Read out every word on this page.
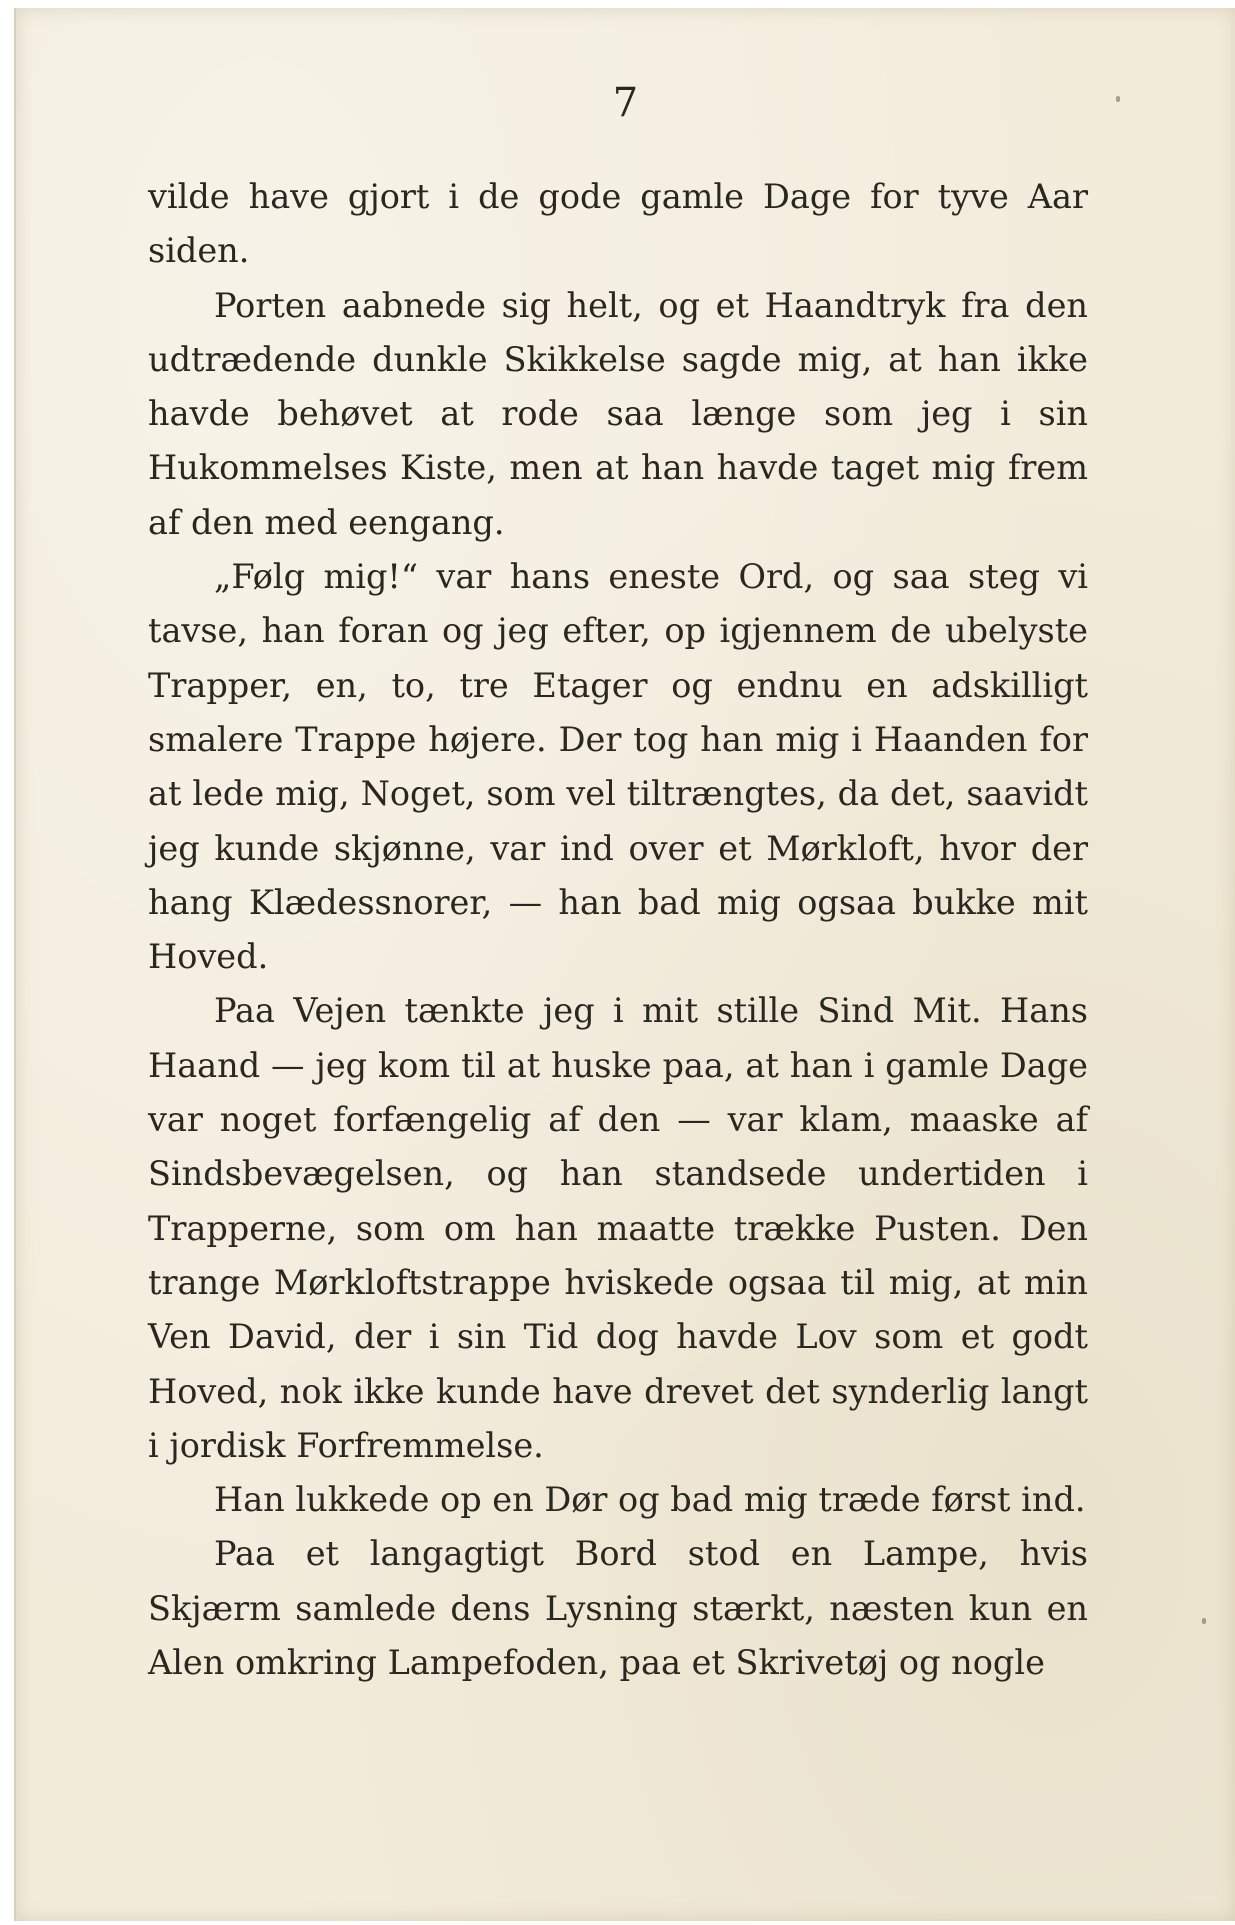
7

vilde have gjort i de gode gamle Dage for tyve Aar siden.

Porten aabnede sig helt, og et Haandtryk fra den udtrædende dunkle Skikkelse sagde mig, at han ikke havde behøvet at rode saa længe som jeg i sin Hukommelses Kiste, men at han havde taget mig frem af den med eengang.

„Følg mig!“ var hans eneste Ord, og saa steg vi tavse, han foran og jeg efter, op igjennem de ubelyste Trapper, en, to, tre Etager og endnu en adskilligt smalere Trappe højere. Der tog han mig i Haanden for at lede mig, Noget, som vel tiltrængtes, da det, saavidt jeg kunde skjønne, var ind over et Mørkloft, hvor der hang Klædessnorer, — han bad mig ogsaa bukke mit Hoved.

Paa Vejen tænkte jeg i mit stille Sind Mit. Hans Haand — jeg kom til at huske paa, at han i gamle Dage var noget forfængelig af den — var klam, maaske af Sindsbevægelsen, og han standsede undertiden i Trapperne, som om han maatte trække Pusten. Den trange Mørkloftstrappe hviskede ogsaa til mig, at min Ven David, der i sin Tid dog havde Lov som et godt Hoved, nok ikke kunde have drevet det synderlig langt i jordisk Forfremmelse.

Han lukkede op en Dør og bad mig træde først ind.

Paa et langagtigt Bord stod en Lampe, hvis Skjærm samlede dens Lysning stærkt, næsten kun en Alen omkring Lampefoden, paa et Skrivetøj og nogle
